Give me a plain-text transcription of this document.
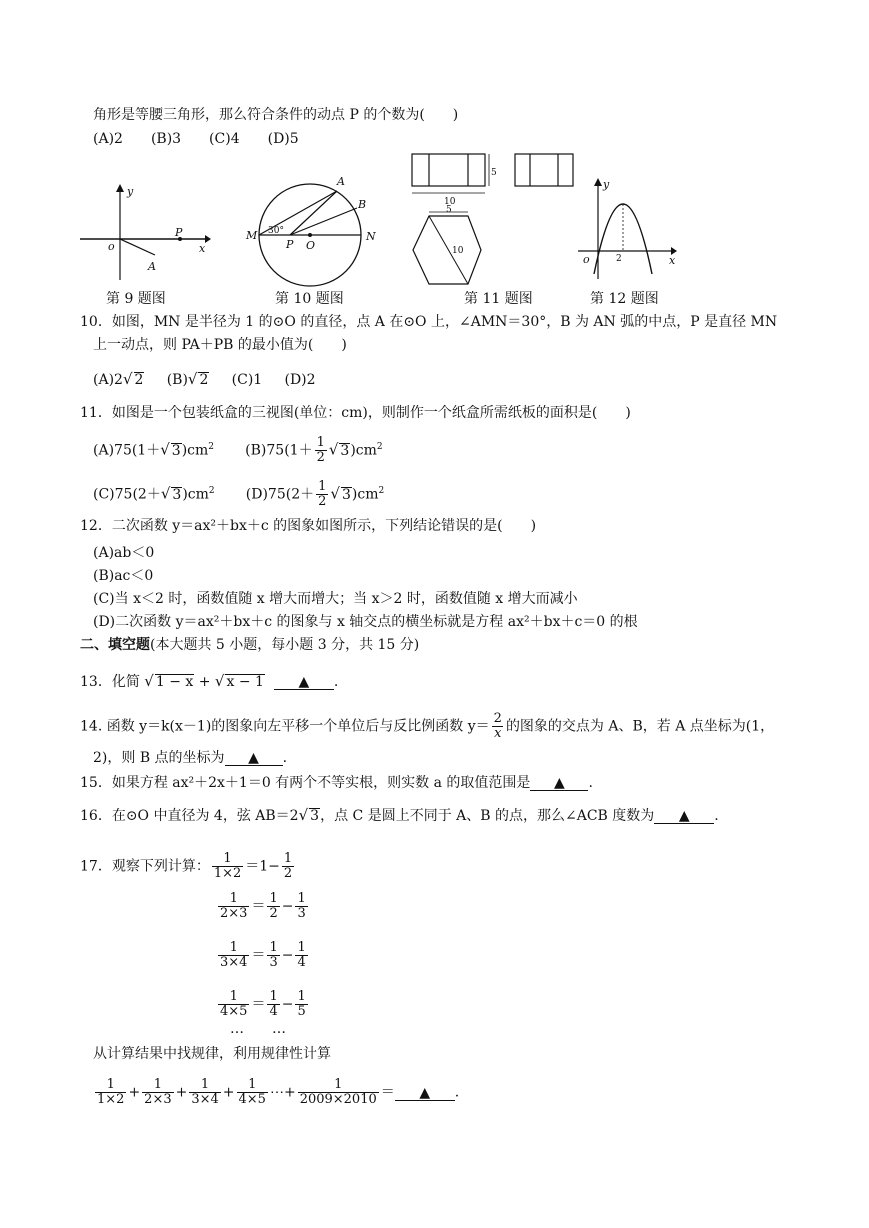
角形是等腰三角形，那么符合条件的动点 P 的个数为(　　)
(A)2　　(B)3　　(C)4　　(D)5
y
x
o
P
A
第 9 题图
A
B
M	N
P O
30°
第 10 题图
5
10
5
10
第 11 题图
y
x
o	2
第 12 题图
10．如图，MN 是半径为 1 的⊙O 的直径，点 A 在⊙O 上，∠AMN＝30°，B 为 AN 弧的中点，P 是直径 MN
上一动点，则 PA＋PB 的最小值为(　　)
(A)2√ 2 (B)√ 2 (C)1 (D)2
11．如图是一个包装纸盒的三视图(单位：cm)，则制作一个纸盒所需纸板的面积是(　　)
(A)75(1＋√ $3)cm^2$ $(B)75(1+ \frac{1}{2}$ √ $3)cm^2$
(C)75(2＋√ $3)cm^2$ $(D)75(2+ \frac{1}{2}$ √ $3)cm^2$
12．二次函数 y＝ax²＋bx＋c 的图象如图所示，下列结论错误的是(　　)
(A)ab＜0
(B)ac＜0
(C)当 x＜2 时，函数值随 x 增大而增大；当 x＞2 时，函数值随 x 增大而减小
(D)二次函数 y＝ax²＋bx＋c 的图象与 x 轴交点的横坐标就是方程 ax²＋bx＋c＝0 的根
二、填空题(本大题共 5 小题，每小题 3 分，共 15 分)
13．化简 √ 1 − x + √ x − 1 ▲ .
14. 函数 y＝k(x－1)的图象向左平移一个单位后与反比例函数 $y= \frac{2}{x}$ 的图象的交点为 A、B，若 A 点坐标为(1，
2)，则 B 点的坐标为 ▲ .
15．如果方程 ax²＋2x＋1＝0 有两个不等实根，则实数 a 的取值范围是 ▲ .
16．在⊙O 中直径为 4，弦 AB＝2√ 3，点 C 是圆上不同于 A、B 的点，那么∠ACB 度数为 ▲ .
17．观察下列计算： $\frac{1}{1\times 2} =1- \frac{1}{2}$
$\frac{1}{2\times 3} = \frac{1}{2} - \frac{1}{3}$
$\frac{1}{3\times 4} = \frac{1}{3} - \frac{1}{4}$
$\frac{1}{4\times 5} = \frac{1}{4} - \frac{1}{5}$
…　　…
从计算结果中找规律，利用规律性计算
$\frac{1}{1\times 2} + \frac{1}{2\times 3} + \frac{1}{3\times 4} + \frac{1}{4\times 5}$ ⋯+ $\frac{1}{2009\times 2010}$ ＝ ▲ .
